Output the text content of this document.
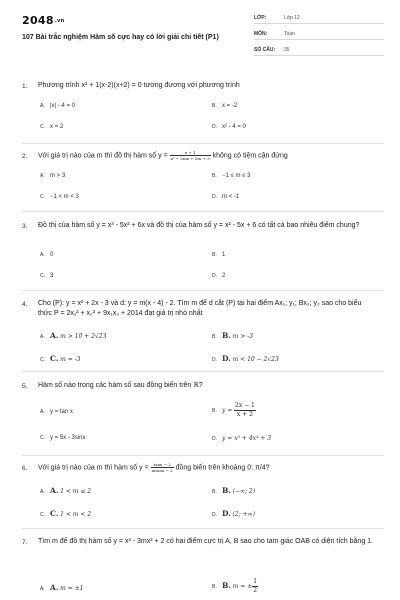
2048.vn
107 Bài trắc nghiệm Hàm số cực hay có lời giải chi tiết (P1)
LỚP:	Lớp 12
MÔN:	Toán
SỐ CÂU: 35
1. Phương trình x² + 1(x-2)(x+2) = 0 tương đương với phương trình
A. |x| - 4 = 0	B. x = -2
C. x = 2	D. x² - 4 = 0
2. Với giá trị nào của m thì đồ thị hàm số $y = \frac{x + 1}{\text{x² − 2mx + 2m + 3}}$ không có tiệm cận đứng
A. m > 3	B. −1 ≤ m ≤ 3
C. −1 < m < 3	D. m < -1
3. Đồ thị của hàm số y = x³ - 5x² + 6x và đồ thị của hàm số y = x² - 5x + 6 có tất cả bao nhiêu điểm chung?
A. 0	B. 1
C. 3	D. 2
4. Cho (P): y = x² + 2x - 3 và d: y = m(x - 4) - 2. Tìm m để d cắt (P) tại hai điểm Ax₁; y₁; Bx₂; y₂ sao cho biểu thức P = 2x₁² + x₂² + 9x₁x₂ + 2014 đạt giá trị nhỏ nhất
A. A. m > 10 + 2√23	B. B. m > -3
C. C. m = -3	D. D. m < 10 − 2√23
5. Hàm số nào trong các hàm số sau đồng biến trên ℝ?
A. y = tan x	B. $y = \frac{2x - 1}{x + 2}$
C. y = 5x - 3sinx	D. y = x³ + 4x² + 3
6. Với giá trị nào của m thì hàm số $y = \frac{\tan x - 2}{mtanx - 2}$ đồng biến trên khoảng 0; π/4?
A. A. 1 < m ≤ 2	B. B. (−∞; 2)
C. C. 1 < m < 2	D. D. (2; +∞)
7. Tìm m để đồ thị hàm số y = x³ - 3mx² + 2 có hai điểm cực trị A, B sao cho tam giác OAB có diện tích bằng 1.
A. A. m = ±1	B. B. m = ± $\frac{1}{2}$
